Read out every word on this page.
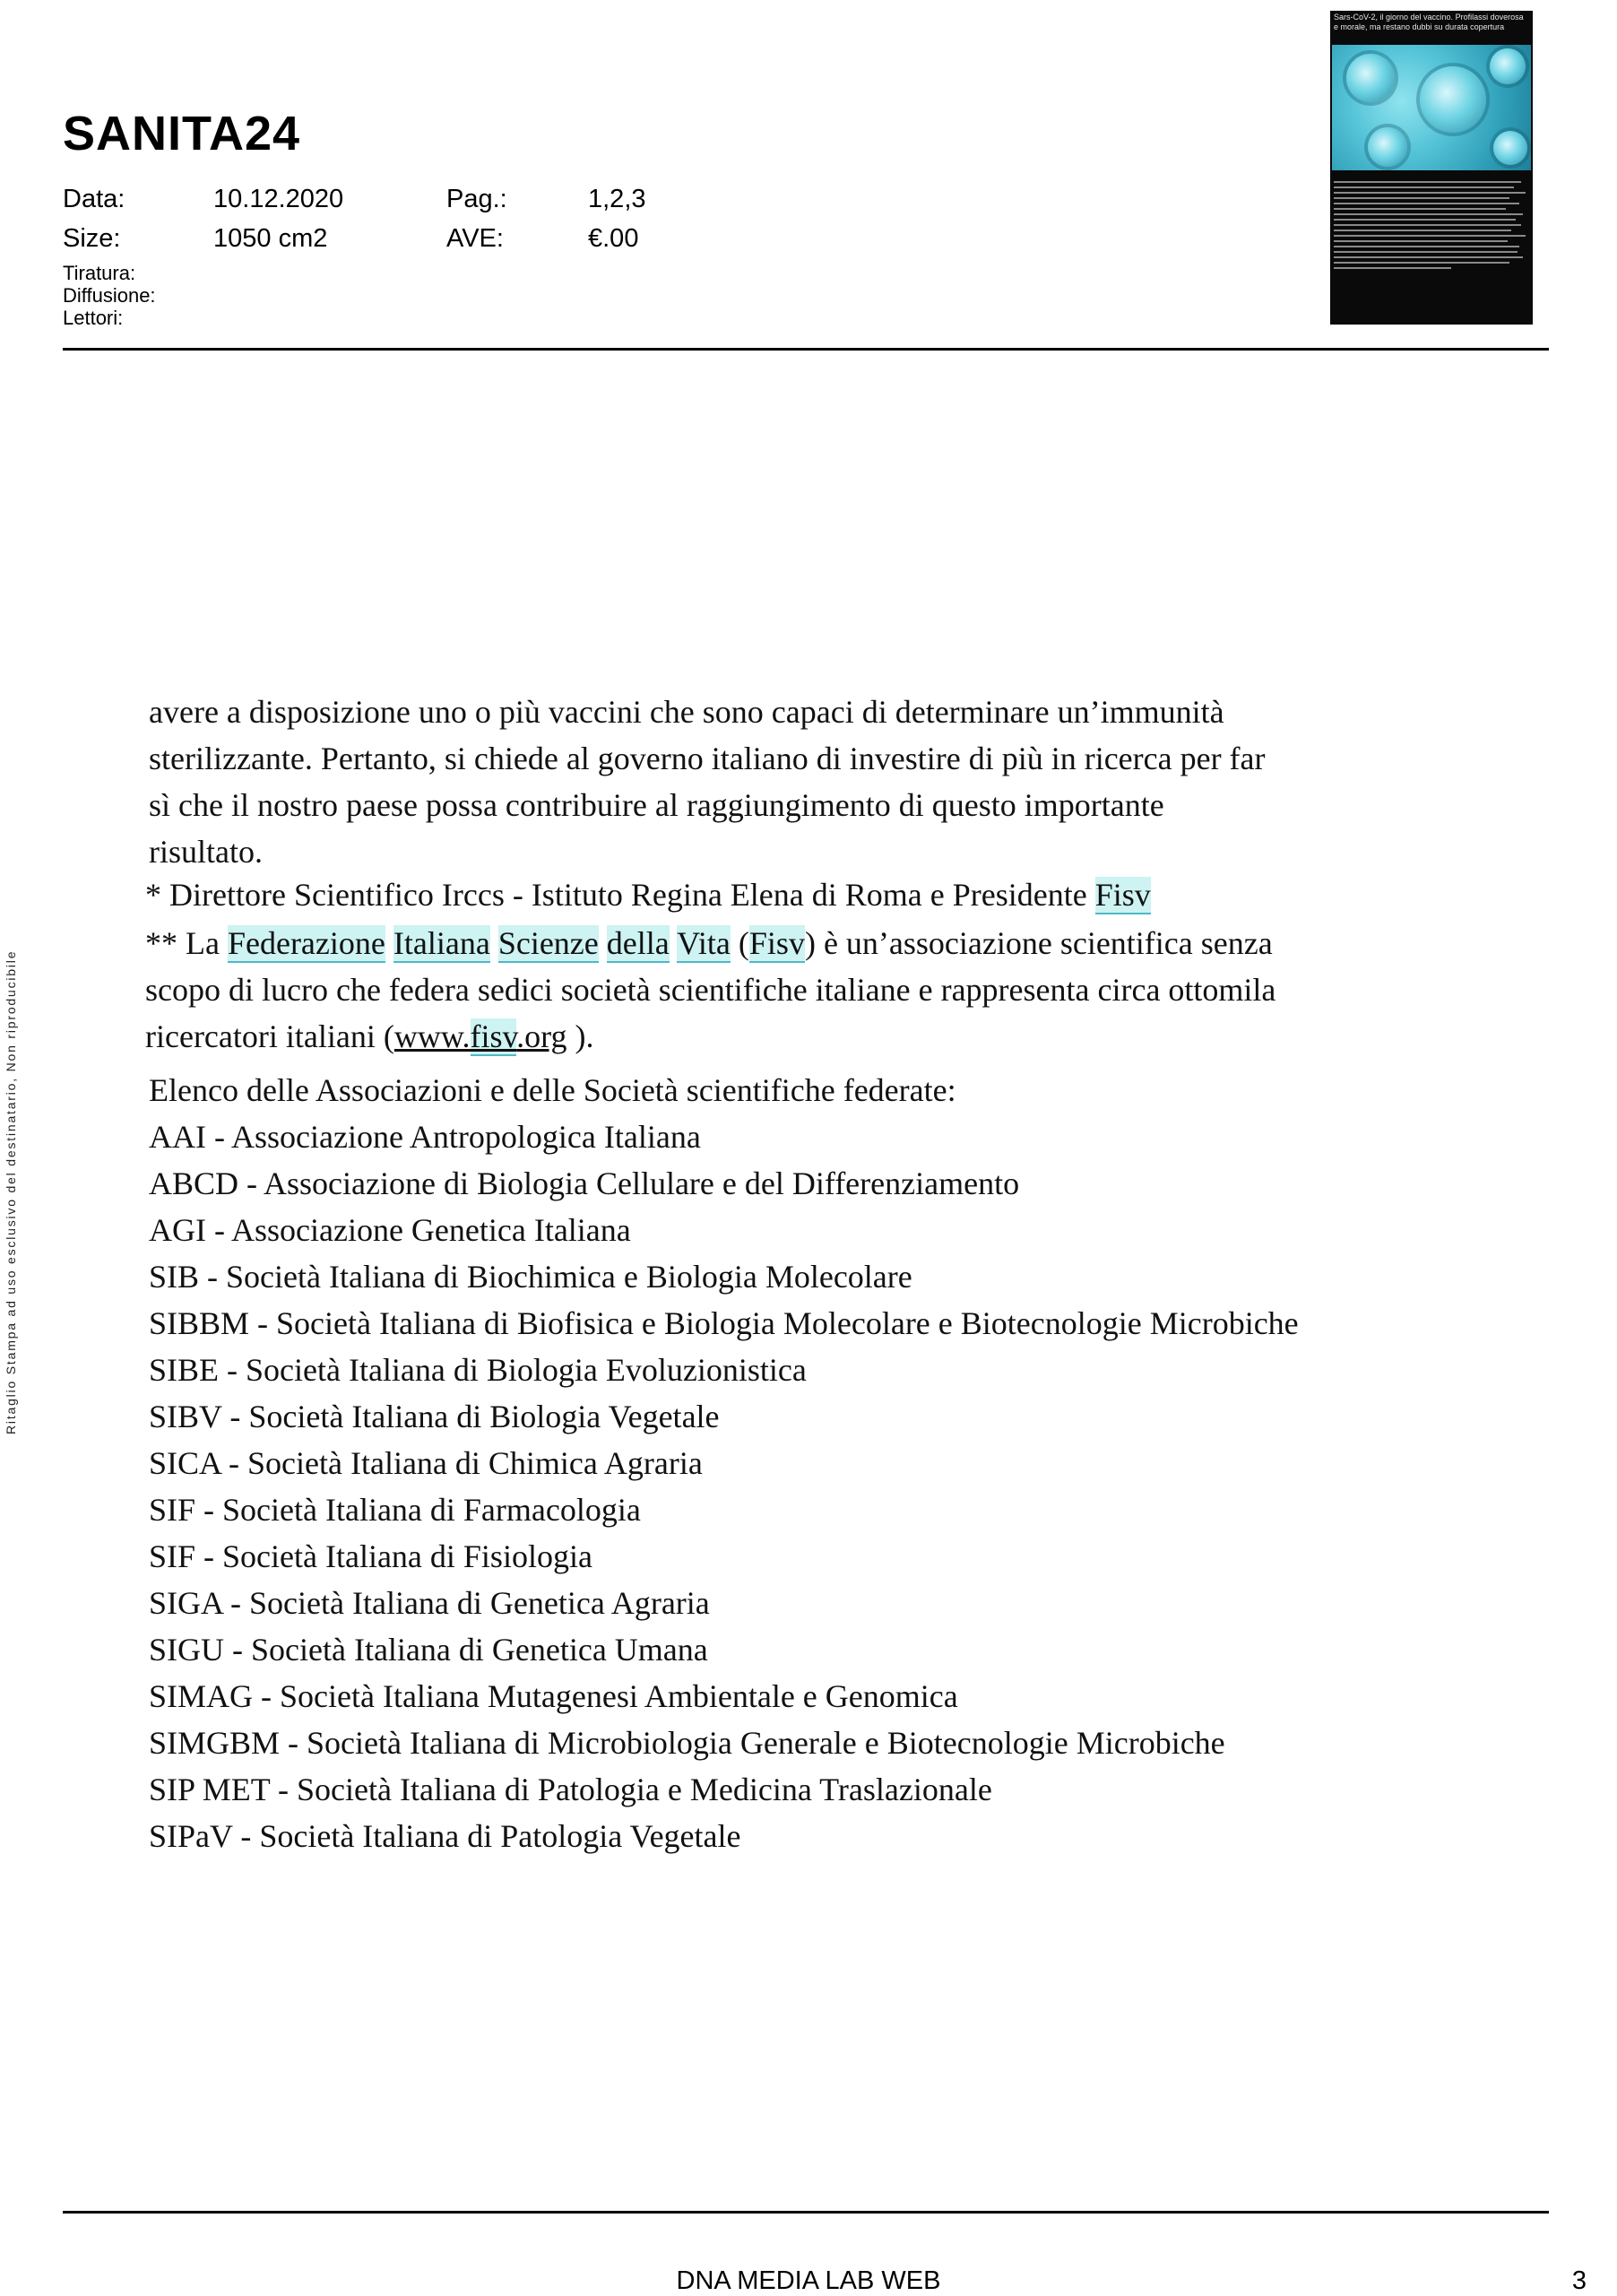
SANITA24
Data:	10.12.2020	Pag.:	1,2,3
Size:	1050 cm2	AVE:	€.00
Tiratura:
Diffusione:
Lettori:
Sars-CoV-2, il giorno del vaccino. Profilassi doverosa e morale, ma restano dubbi su durata copertura
Ritaglio Stampa ad uso esclusivo del destinatario, Non riproducibile

avere a disposizione uno o più vaccini che sono capaci di determinare un’immunità
sterilizzante. Pertanto, si chiede al governo italiano di investire di più in ricerca per far
sì che il nostro paese possa contribuire al raggiungimento di questo importante
risultato.

* Direttore Scientifico Irccs - Istituto Regina Elena di Roma e Presidente Fisv

** La Federazione Italiana Scienze della Vita (Fisv) è un’associazione scientifica senza
scopo di lucro che federa sedici società scientifiche italiane e rappresenta circa ottomila
ricercatori italiani (www.fisv.org ).

Elenco delle Associazioni e delle Società scientifiche federate:

AAI - Associazione Antropologica Italiana
ABCD - Associazione di Biologia Cellulare e del Differenziamento
AGI - Associazione Genetica Italiana
SIB - Società Italiana di Biochimica e Biologia Molecolare
SIBBM - Società Italiana di Biofisica e Biologia Molecolare e Biotecnologie Microbiche
SIBE - Società Italiana di Biologia Evoluzionistica
SIBV - Società Italiana di Biologia Vegetale
SICA - Società Italiana di Chimica Agraria
SIF - Società Italiana di Farmacologia
SIF - Società Italiana di Fisiologia
SIGA - Società Italiana di Genetica Agraria
SIGU - Società Italiana di Genetica Umana
SIMAG - Società Italiana Mutagenesi Ambientale e Genomica
SIMGBM - Società Italiana di Microbiologia Generale e Biotecnologie Microbiche
SIP MET - Società Italiana di Patologia e Medicina Traslazionale
SIPaV - Società Italiana di Patologia Vegetale
DNA MEDIA LAB WEB	3
